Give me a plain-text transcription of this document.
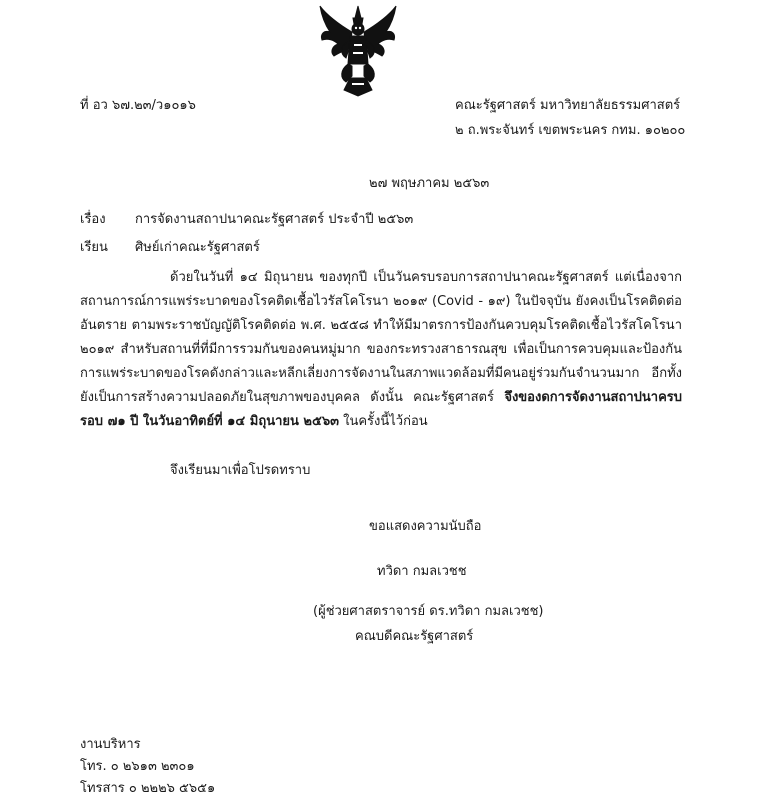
ที่ อว ๖๗.๒๓/ว๑๐๑๖	คณะรัฐศาสตร์ มหาวิทยาลัยธรรมศาสตร์
๒ ถ.พระจันทร์ เขตพระนคร กทม. ๑๐๒๐๐
๒๗ พฤษภาคม ๒๕๖๓
เรื่อง การจัดงานสถาปนาคณะรัฐศาสตร์ ประจำปี ๒๕๖๓
เรียน ศิษย์เก่าคณะรัฐศาสตร์

ด้วยในวันที่ ๑๔ มิถุนายน ของทุกปี เป็นวันครบรอบการสถาปนาคณะรัฐศาสตร์ แต่เนื่องจากสถานการณ์การแพร่ระบาดของโรคติดเชื้อไวรัสโคโรนา ๒๐๑๙ (Covid - ๑๙) ในปัจจุบัน ยังคงเป็นโรคติดต่ออันตราย ตามพระราชบัญญัติโรคติดต่อ พ.ศ. ๒๕๕๘ ทำให้มีมาตรการป้องกันควบคุมโรคติดเชื้อไวรัสโคโรนา ๒๐๑๙ สำหรับสถานที่ที่มีการรวมกันของคนหมู่มาก ของกระทรวงสาธารณสุข เพื่อเป็นการควบคุมและป้องกันการแพร่ระบาดของโรคดังกล่าวและหลีกเลี่ยงการจัดงานในสภาพแวดล้อมที่มีคนอยู่ร่วมกันจำนวนมาก อีกทั้งยังเป็นการสร้างความปลอดภัยในสุขภาพของบุคคล ดังนั้น คณะรัฐศาสตร์ จึงของดการจัดงานสถาปนาครบรอบ ๗๑ ปี ในวันอาทิตย์ที่ ๑๔ มิถุนายน ๒๕๖๓ ในครั้งนี้ไว้ก่อน

จึงเรียนมาเพื่อโปรดทราบ
ขอแสดงความนับถือ
ทวิดา กมลเวชช
(ผู้ช่วยศาสตราจารย์ ดร.ทวิดา กมลเวชช)
คณบดีคณะรัฐศาสตร์
งานบริหาร
โทร. ๐ ๒๖๑๓ ๒๓๐๑
โทรสาร ๐ ๒๒๒๖ ๕๖๕๑
